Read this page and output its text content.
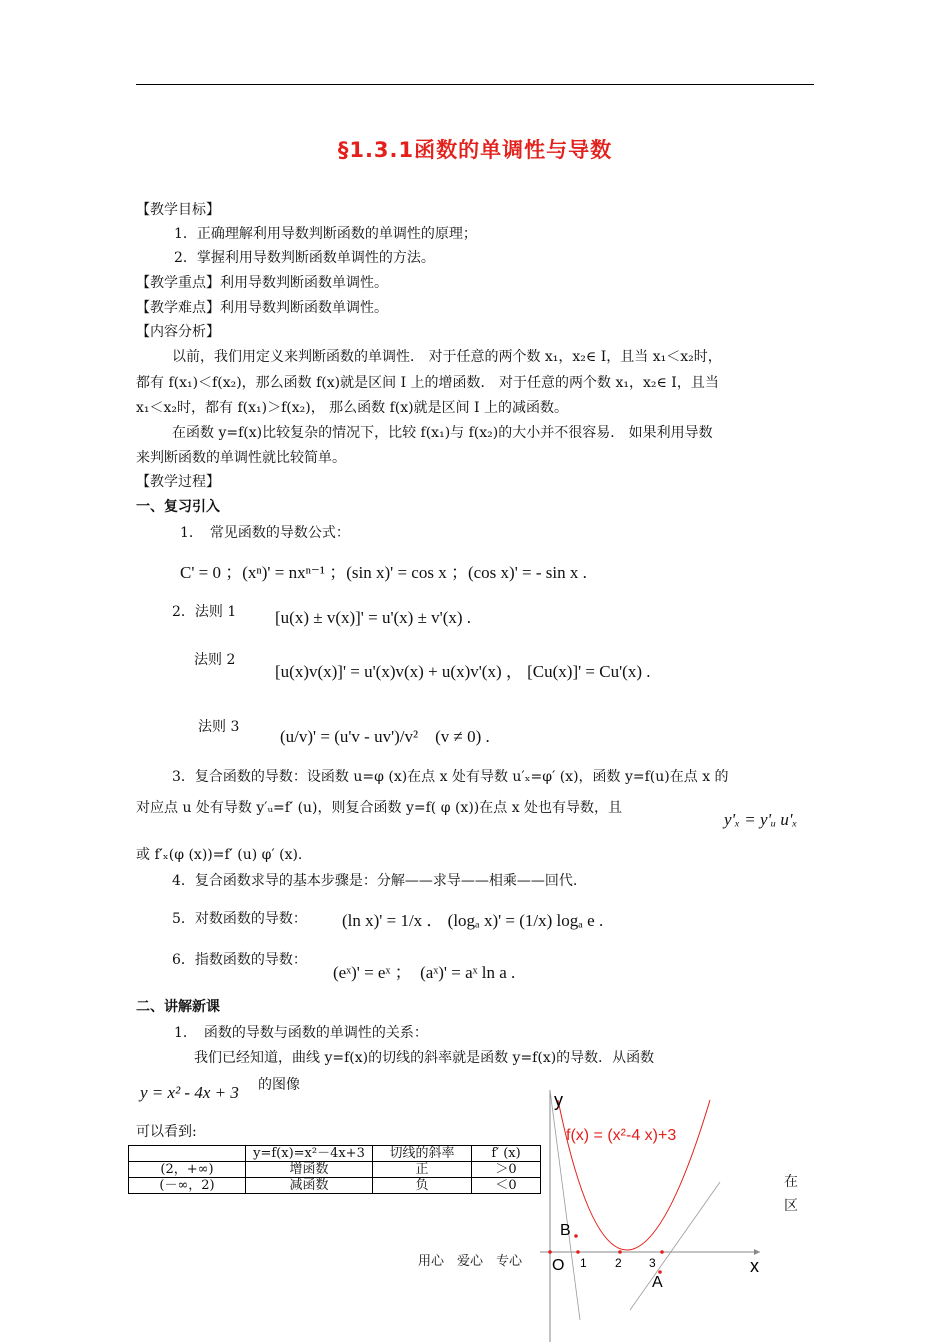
§1.3.1函数的单调性与导数
【教学目标】
1．正确理解利用导数判断函数的单调性的原理；
2．掌握利用导数判断函数单调性的方法。
【教学重点】利用导数判断函数单调性。
【教学难点】利用导数判断函数单调性。
【内容分析】
以前，我们用定义来判断函数的单调性． 对于任意的两个数 x₁，x₂∈ I，且当 x₁＜x₂时，
都有 f(x₁)＜f(x₂)，那么函数 f(x)就是区间 I 上的增函数． 对于任意的两个数 x₁，x₂∈ I，且当
x₁＜x₂时，都有 f(x₁)＞f(x₂)， 那么函数 f(x)就是区间 I 上的减函数。
在函数 y=f(x)比较复杂的情况下，比较 f(x₁)与 f(x₂)的大小并不很容易． 如果利用导数
来判断函数的单调性就比较简单。
【教学过程】
一、复习引入
1．　常见函数的导数公式：
C' = 0 ；(xⁿ)' = nxⁿ⁻¹ ；(sin x)' = cos x ；(cos x)' = - sin x .
2．法则 1 [u(x) ± v(x)]' = u'(x) ± v'(x) .
法则 2
[u(x)v(x)]' = u'(x)v(x) + u(x)v'(x) ， [Cu(x)]' = Cu'(x) .
法则 3 (u/v)' = (u'v - uv')/v²　(v ≠ 0) .
3．复合函数的导数：设函数 u=φ (x)在点 x 处有导数 u′ₓ=φ′ (x)，函数 y=f(u)在点 x 的
对应点 u 处有导数 y′ᵤ=f′ (u)，则复合函数 y=f( φ (x))在点 x 处也有导数，且
y'ₓ = y'ᵤ u'ₓ
或 f′ₓ(φ (x))=f′ (u) φ′ (x).
4．复合函数求导的基本步骤是：分解——求导——相乘——回代.
5．对数函数的导数： (ln x)' = 1/x ． (logₐ x)' = (1/x) logₐ e .
6．指数函数的导数：
(eˣ)' = eˣ ；　(aˣ)' = aˣ ln a .
二、讲解新课
1．　函数的导数与函数的单调性的关系：
我们已经知道，曲线 y=f(x)的切线的斜率就是函数 y=f(x)的导数．从函数
y = x² - 4x + 3 的图像
可以看到:
	y=f(x)=x²－4x+3	切线的斜率	f′ (x)
(2，+∞)	增函数	正	＞0
(－∞，2)	减函数	负	＜0	在
区
y
x
O
B
A
1 2 3
f(x) = (x²-4 x)+3
用心　爱心　专心
